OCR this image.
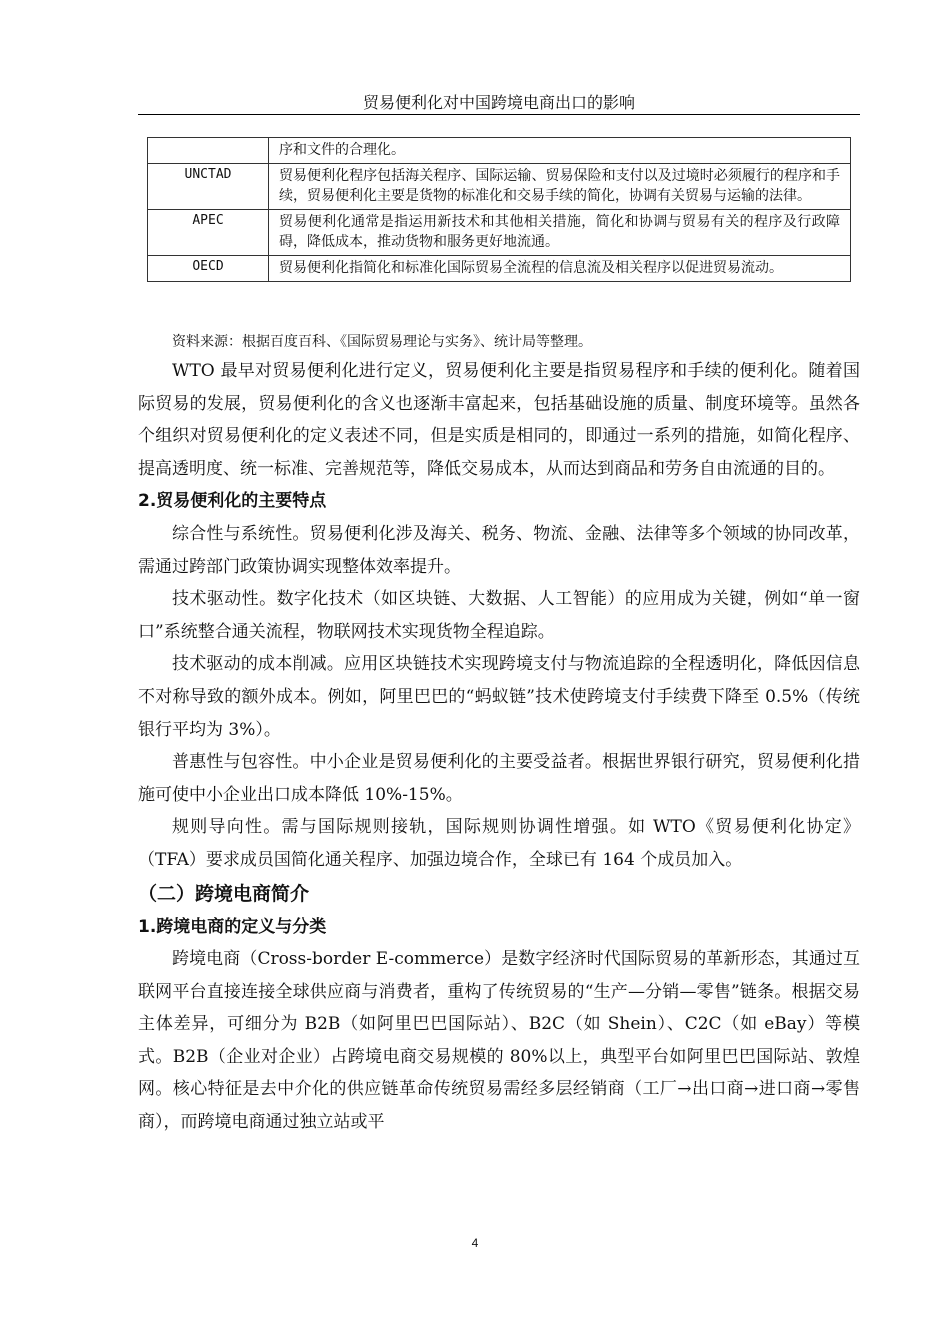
贸易便利化对中国跨境电商出口的影响
	序和文件的合理化。
UNCTAD	贸易便利化程序包括海关程序、国际运输、贸易保险和支付以及过境时必须履行的程序和手续，贸易便利化主要是货物的标准化和交易手续的简化，协调有关贸易与运输的法律。
APEC	贸易便利化通常是指运用新技术和其他相关措施，简化和协调与贸易有关的程序及行政障碍，降低成本，推动货物和服务更好地流通。
OECD	贸易便利化指简化和标准化国际贸易全流程的信息流及相关程序以促进贸易流动。
资料来源：根据百度百科、《国际贸易理论与实务》、统计局等整理。

WTO 最早对贸易便利化进行定义，贸易便利化主要是指贸易程序和手续的便利化。随着国际贸易的发展，贸易便利化的含义也逐渐丰富起来，包括基础设施的质量、制度环境等。虽然各个组织对贸易便利化的定义表述不同，但是实质是相同的，即通过一系列的措施，如简化程序、提高透明度、统一标准、完善规范等，降低交易成本，从而达到商品和劳务自由流通的目的。

2.贸易便利化的主要特点

综合性与系统性。贸易便利化涉及海关、税务、物流、金融、法律等多个领域的协同改革，需通过跨部门政策协调实现整体效率提升。

技术驱动性。数字化技术（如区块链、大数据、人工智能）的应用成为关键，例如“单一窗口”系统整合通关流程，物联网技术实现货物全程追踪。

技术驱动的成本削减。应用区块链技术实现跨境支付与物流追踪的全程透明化，降低因信息不对称导致的额外成本。例如，阿里巴巴的“蚂蚁链”技术使跨境支付手续费下降至 0.5%（传统银行平均为 3%）。

普惠性与包容性。中小企业是贸易便利化的主要受益者。根据世界银行研究，贸易便利化措施可使中小企业出口成本降低 10%-15%。

规则导向性。需与国际规则接轨，国际规则协调性增强。如 WTO《贸易便利化协定》（TFA）要求成员国简化通关程序、加强边境合作，全球已有 164 个成员加入。

（二）跨境电商简介
1.跨境电商的定义与分类

跨境电商（Cross-border E-commerce）是数字经济时代国际贸易的革新形态，其通过互联网平台直接连接全球供应商与消费者，重构了传统贸易的“生产—分销—零售”链条。根据交易主体差异，可细分为 B2B（如阿里巴巴国际站）、B2C（如 Shein）、C2C（如 eBay）等模式。B2B（企业对企业）占跨境电商交易规模的 80%以上，典型平台如阿里巴巴国际站、敦煌网。核心特征是去中介化的供应链革命传统贸易需经多层经销商（工厂→出口商→进口商→零售商），而跨境电商通过独立站或平

4
